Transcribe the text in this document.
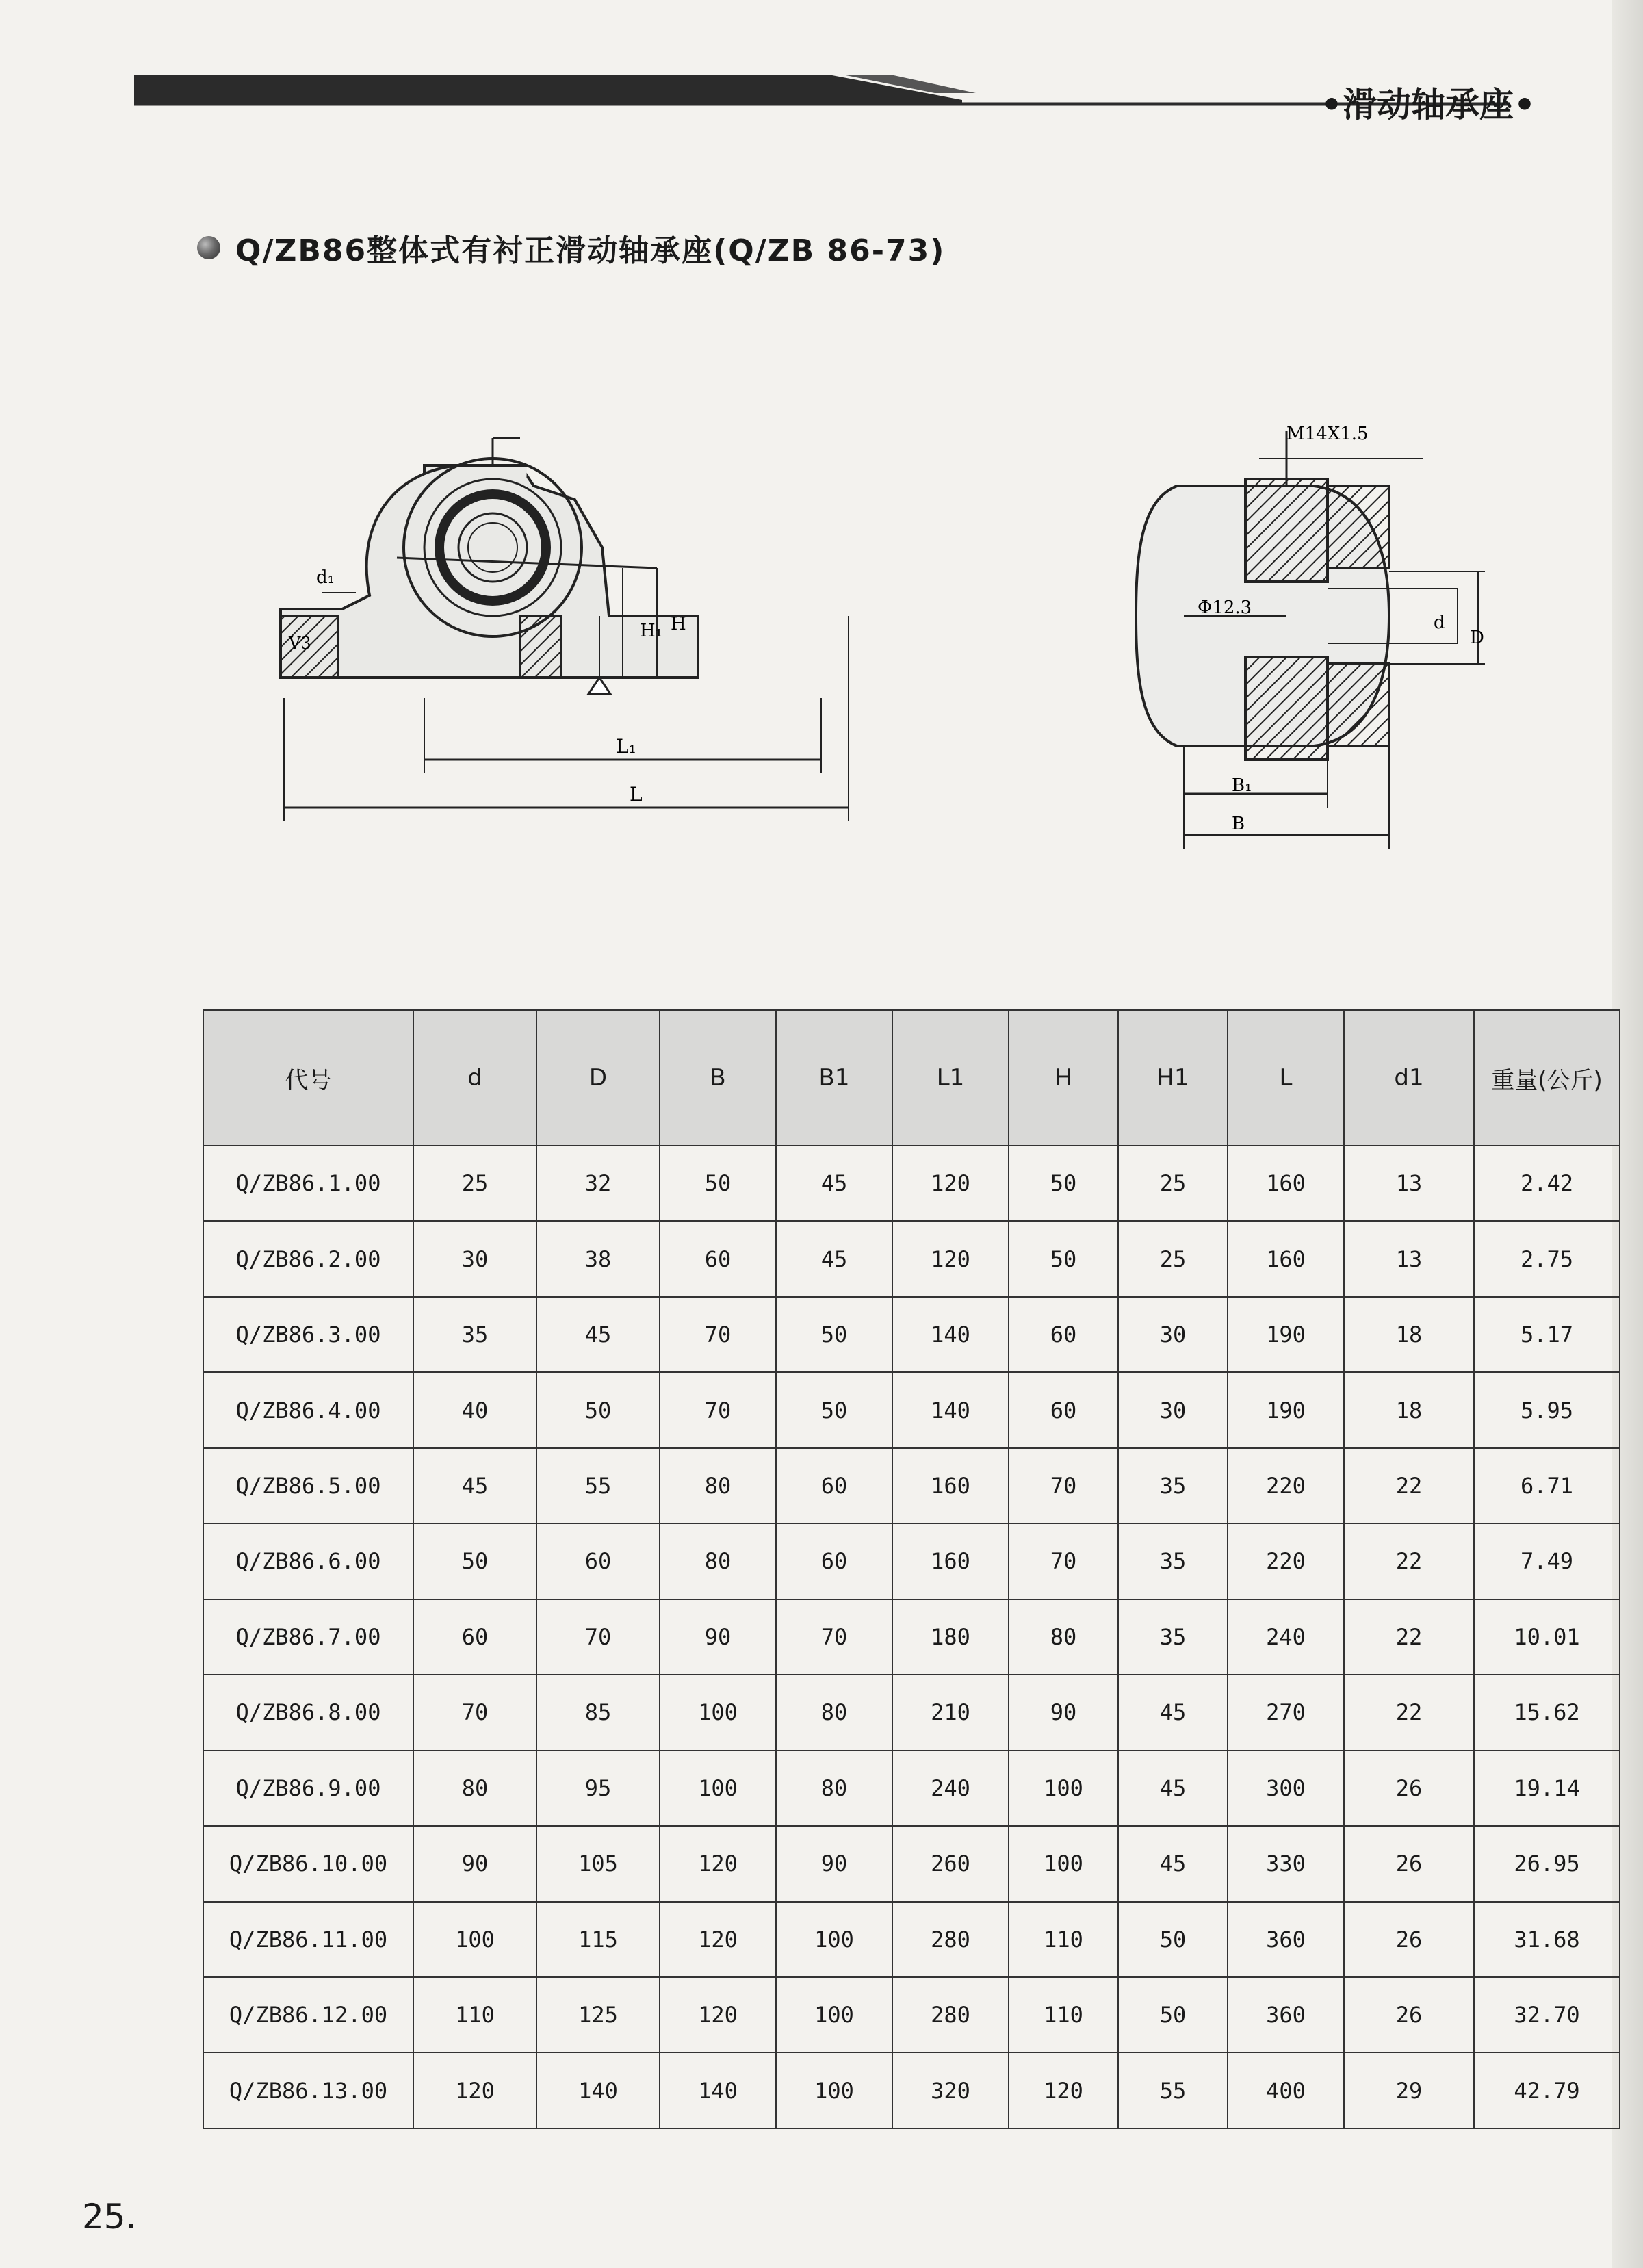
•滑动轴承座•
Q/ZB86整体式有衬正滑动轴承座(Q/ZB 86-73)
d₁
V3
H₁ H
L₁
L
M14X1.5
Φ12.3
d
D
B₁
B
代号	d	D	B	B1	L1	H	H1	L	d1	重量(公斤)
Q/ZB86.1.00	25	32	50	45	120	50	25	160	13	2.42
Q/ZB86.2.00	30	38	60	45	120	50	25	160	13	2.75
Q/ZB86.3.00	35	45	70	50	140	60	30	190	18	5.17
Q/ZB86.4.00	40	50	70	50	140	60	30	190	18	5.95
Q/ZB86.5.00	45	55	80	60	160	70	35	220	22	6.71
Q/ZB86.6.00	50	60	80	60	160	70	35	220	22	7.49
Q/ZB86.7.00	60	70	90	70	180	80	35	240	22	10.01
Q/ZB86.8.00	70	85	100	80	210	90	45	270	22	15.62
Q/ZB86.9.00	80	95	100	80	240	100	45	300	26	19.14
Q/ZB86.10.00	90	105	120	90	260	100	45	330	26	26.95
Q/ZB86.11.00	100	115	120	100	280	110	50	360	26	31.68
Q/ZB86.12.00	110	125	120	100	280	110	50	360	26	32.70
Q/ZB86.13.00	120	140	140	100	320	120	55	400	29	42.79
25.
